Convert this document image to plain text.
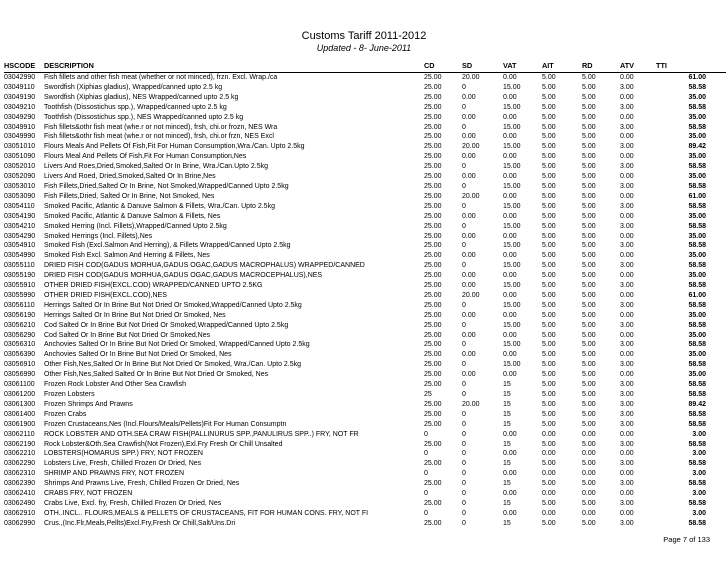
Customs Tariff 2011-2012
Updated - 8- June-2011
HSCODE	DESCRIPTION	CD	SD	VAT	AIT	RD	ATV	TTI
03042990	Fish fillets and other fish meat (whether or not minced), frzn. Excl. Wrap./ca	25.00	20.00	0.00	5.00	5.00	0.00	61.00
03049110	Swordfish (Xiphias gladius), Wrapped/canned upto 2.5 kg	25.00	0	15.00	5.00	5.00	3.00	58.58
03049190	Swordfish (Xiphias gladius), NES Wrapped/canned upto 2.5 kg	25.00	0.00	0.00	5.00	5.00	0.00	35.00
03049210	Toothfish (Dissostichus spp.), Wrapped/canned upto 2.5 kg	25.00	0	15.00	5.00	5.00	3.00	58.58
03049290	Toothfish (Dissostichus spp.), NES Wrapped/canned upto 2.5 kg	25.00	0.00	0.00	5.00	5.00	0.00	35.00
03049910	Fish fillets&othr fish meat (whe.r or not minced), frsh, chi.or frozn, NES Wra	25.00	0	15.00	5.00	5.00	3.00	58.58
03049990	Fish fillets&othr fish meat (whe.r or not minced), frsh, chi.or frzn, NES Excl	25.00	0.00	0.00	5.00	5.00	0.00	35.00
03051010	Flours Meals And Pellets Of Fish,Fit For Human Consumption,Wra./Can. Upto 2.5kg	25.00	20.00	15.00	5.00	5.00	3.00	89.42
03051090	Flours Meal And Pellets Of Fish,Fit For Human Consumption,Nes	25.00	0.00	0.00	5.00	5.00	0.00	35.00
03052010	Livers And Roes,Dried,Smoked,Salted Or In Brine, Wra./Can.Upto 2.5kg	25.00	0	15.00	5.00	5.00	3.00	58.58
03052090	Livers And Roed, Dried,Smoked,Salted Or In Brine,Nes	25.00	0.00	0.00	5.00	5.00	0.00	35.00
03053010	Fish Fillets,Dried,Salted Or In Brine, Not Smoked,Wrapped/Canned Upto 2.5kg	25.00	0	15.00	5.00	5.00	3.00	58.58
03053090	Fish Fillets,Dried, Salted Or In Brine, Not Smoked, Nes	25.00	20.00	0.00	5.00	5.00	0.00	61.00
03054110	Smoked Pacific, Atlantic & Danuve Salmon & Fillets, Wra./Can. Upto 2.5kg	25.00	0	15.00	5.00	5.00	3.00	58.58
03054190	Smoked Pacific, Atlantic & Danuve Salmon & Fillets, Nes	25.00	0.00	0.00	5.00	5.00	0.00	35.00
03054210	Smoked Herring (Incl. Fillets),Wrapped/Canned Upto 2.5kg	25.00	0	15.00	5.00	5.00	3.00	58.58
03054290	Smoked Herrings (Incl. Fillets),Nes	25.00	0.00	0.00	5.00	5.00	0.00	35.00
03054910	Smoked Fish (Excl.Salmon And Herring), & Fillets Wrapped/Canned Upto 2.5kg	25.00	0	15.00	5.00	5.00	3.00	58.58
03054990	Smoked Fish Excl. Salmon And Herring & Fillets, Nes	25.00	0.00	0.00	5.00	5.00	0.00	35.00
03055110	DRIED FISH COD(GADUS MORHUA,GADUS OGAC,GADUS MACROPHALUS) WRAPPED/CANNED	25.00	0	15.00	5.00	5.00	3.00	58.58
03055190	DRIED FISH COD(GADUS MORHUA,GADUS OGAC,GADUS MACROCEPHALUS),NES	25.00	0.00	0.00	5.00	5.00	0.00	35.00
03055910	OTHER DRIED FISH(EXCL.COD) WRAPPED/CANNED UPTO 2.5KG	25.00	0.00	15.00	5.00	5.00	3.00	58.58
03055990	OTHER DRIED FISH(EXCL.COD),NES	25.00	20.00	0.00	5.00	5.00	0.00	61.00
03056110	Herrings Salted Or In Brine But Not Dried Or Smoked,Wrapped/Canned Upto 2.5kg	25.00	0	15.00	5.00	5.00	3.00	58.58
03056190	Herrings Salted Or In Brine But Not Dried Or Smoked, Nes	25.00	0.00	0.00	5.00	5.00	0.00	35.00
03056210	Cod Salted Or In Brine But Not Dried Or Smoked,Wrapped/Canned Upto 2.5kg	25.00	0	15.00	5.00	5.00	3.00	58.58
03056290	Cod Salted Or In Brine But Not Dried Or Smoked,Nes	25.00	0.00	0.00	5.00	5.00	0.00	35.00
03056310	Anchovies Salted Or In Brine But Not Dried Or Smoked, Wrapped/Canned Upto 2.5kg	25.00	0	15.00	5.00	5.00	3.00	58.58
03056390	Anchovies Salted Or In Brine But Not Dried Or Smoked, Nes	25.00	0.00	0.00	5.00	5.00	0.00	35.00
03056910	Other Fish,Nes,Salted Or In Brine But Not Dried Or Smoked, Wra./Can. Upto 2.5kg	25.00	0	15.00	5.00	5.00	3.00	58.58
03056990	Other Fish,Nes,Salted Salted Or In Brine But Not Dried Or Smoked, Nes	25.00	0.00	0.00	5.00	5.00	0.00	35.00
03061100	Frozen Rock Lobster And Other Sea Crawfish	25.00	0	15	5.00	5.00	3.00	58.58
03061200	Frozen Lobsters	25	0	15	5.00	5.00	3.00	58.58
03061300	Frozen Shrimps And Prawns	25.00	20.00	15	5.00	5.00	3.00	89.42
03061400	Frozen Crabs	25.00	0	15	5.00	5.00	3.00	58.58
03061900	Frozen Crustaceans,Nes (Incl.Flours/Meals/Pellets)Fit For Human Consumptn	25.00	0	15	5.00	5.00	3.00	58.58
03062110	ROCK LOBSTER AND OTH.SEA CRAW FISH(PALLINURUS SPP.,PANULIRUS SPP..) FRY, NOT FR	0	0	0.00	0.00	0.00	0.00	3.00
03062190	Rock Lobster&Oth.Sea Crawfish(Not Frozen),Exl.Fry Fresh Or Chill Unsalted	25.00	0	15	5.00	5.00	3.00	58.58
03062210	LOBSTERS(HOMARUS SPP.) FRY, NOT FROZEN	0	0	0.00	0.00	0.00	0.00	3.00
03062290	Lobsters Live, Fresh, Chilled Frozen Or Dried, Nes	25.00	0	15	5.00	5.00	3.00	58.58
03062310	SHRIMP AND PRAWNS FRY, NOT FROZEN	0	0	0.00	0.00	0.00	0.00	3.00
03062390	Shrimps And Prawns Live, Fresh, Chilled Frozen Or Dried, Nes	25.00	0	15	5.00	5.00	3.00	58.58
03062410	CRABS FRY, NOT FROZEN	0	0	0.00	0.00	0.00	0.00	3.00
03062490	Crabs Live, Excl. fry, Fresh, Chilled Frozen Or Dried, Nes	25.00	0	15	5.00	5.00	3.00	58.58
03062910	OTH..INCL.. FLOURS,MEALS & PELLETS OF CRUSTACEANS, FIT FOR HUMAN CONS. FRY, NOT FI	0	0	0.00	0.00	0.00	0.00	3.00
03062990	Crus.,(Inc.Flr,Meals,Pellts)Excl.Fry,Fresh Or Chill,Salt/Uns.Dri	25.00	0	15	5.00	5.00	3.00	58.58
Page 7 of 133
